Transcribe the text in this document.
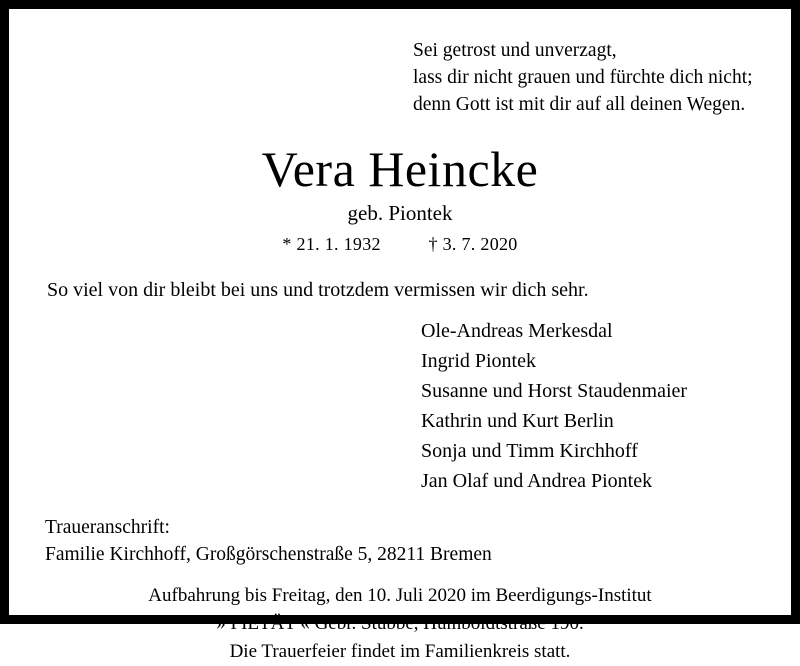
Sei getrost und unverzagt,
lass dir nicht grauen und fürchte dich nicht;
denn Gott ist mit dir auf all deinen Wegen.
Vera Heincke
geb. Piontek
* 21. 1. 1932	† 3. 7. 2020
So viel von dir bleibt bei uns und trotzdem vermissen wir dich sehr.
Ole-Andreas Merkesdal
Ingrid Piontek
Susanne und Horst Staudenmaier
Kathrin und Kurt Berlin
Sonja und Timm Kirchhoff
Jan Olaf und Andrea Piontek
Traueranschrift:
Familie Kirchhoff, Großgörschenstraße 5, 28211 Bremen
Aufbahrung bis Freitag, den 10. Juli 2020 im Beerdigungs-Institut
» PIETÄT « Gebr. Stubbe, Humboldtstraße 190.
Die Trauerfeier findet im Familienkreis statt.
